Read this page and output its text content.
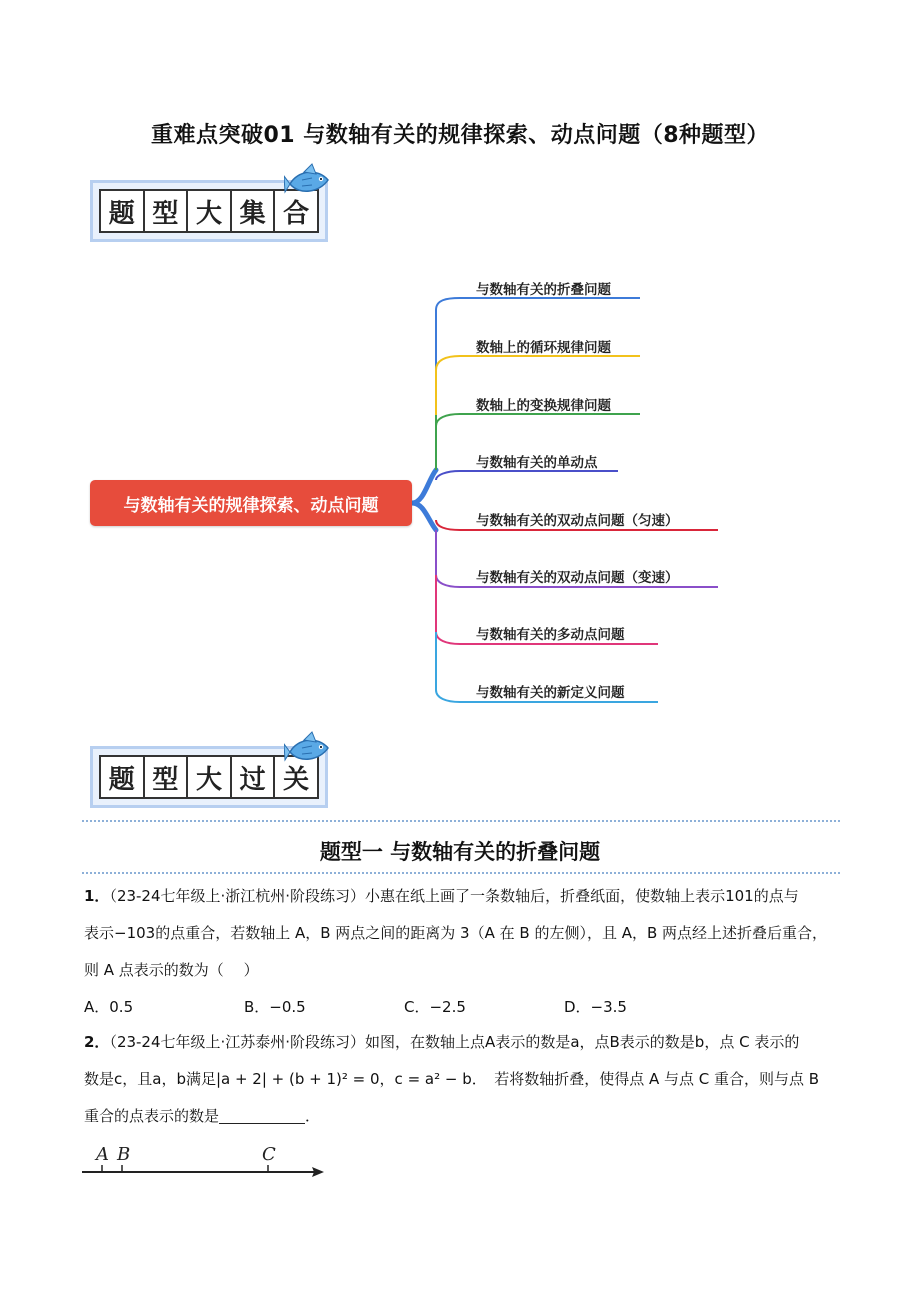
重难点突破01 与数轴有关的规律探索、动点问题（8种题型）
题 型 大 集 合
与数轴有关的规律探索、动点问题
与数轴有关的折叠问题
数轴上的循环规律问题
数轴上的变换规律问题
与数轴有关的单动点
与数轴有关的双动点问题（匀速）
与数轴有关的双动点问题（变速）
与数轴有关的多动点问题
与数轴有关的新定义问题
题 型 大 过 关
题型一 与数轴有关的折叠问题
1．（23-24七年级上·浙江杭州·阶段练习）小惠在纸上画了一条数轴后，折叠纸面，使数轴上表示101的点与
表示−103的点重合，若数轴上 A，B 两点之间的距离为 3（A 在 B 的左侧），且 A，B 两点经上述折叠后重合，
则 A 点表示的数为（　 ）
A．0.5	B．−0.5	C．−2.5	D．−3.5
2．（23-24七年级上·江苏泰州·阶段练习）如图，在数轴上点A表示的数是a，点B表示的数是b，点 C 表示的
数是c，且a，b满足|a + 2| + (b + 1)² = 0，c = a² − b．　若将数轴折叠，使得点 A 与点 C 重合，则与点 B
重合的点表示的数是	．
A B	C
